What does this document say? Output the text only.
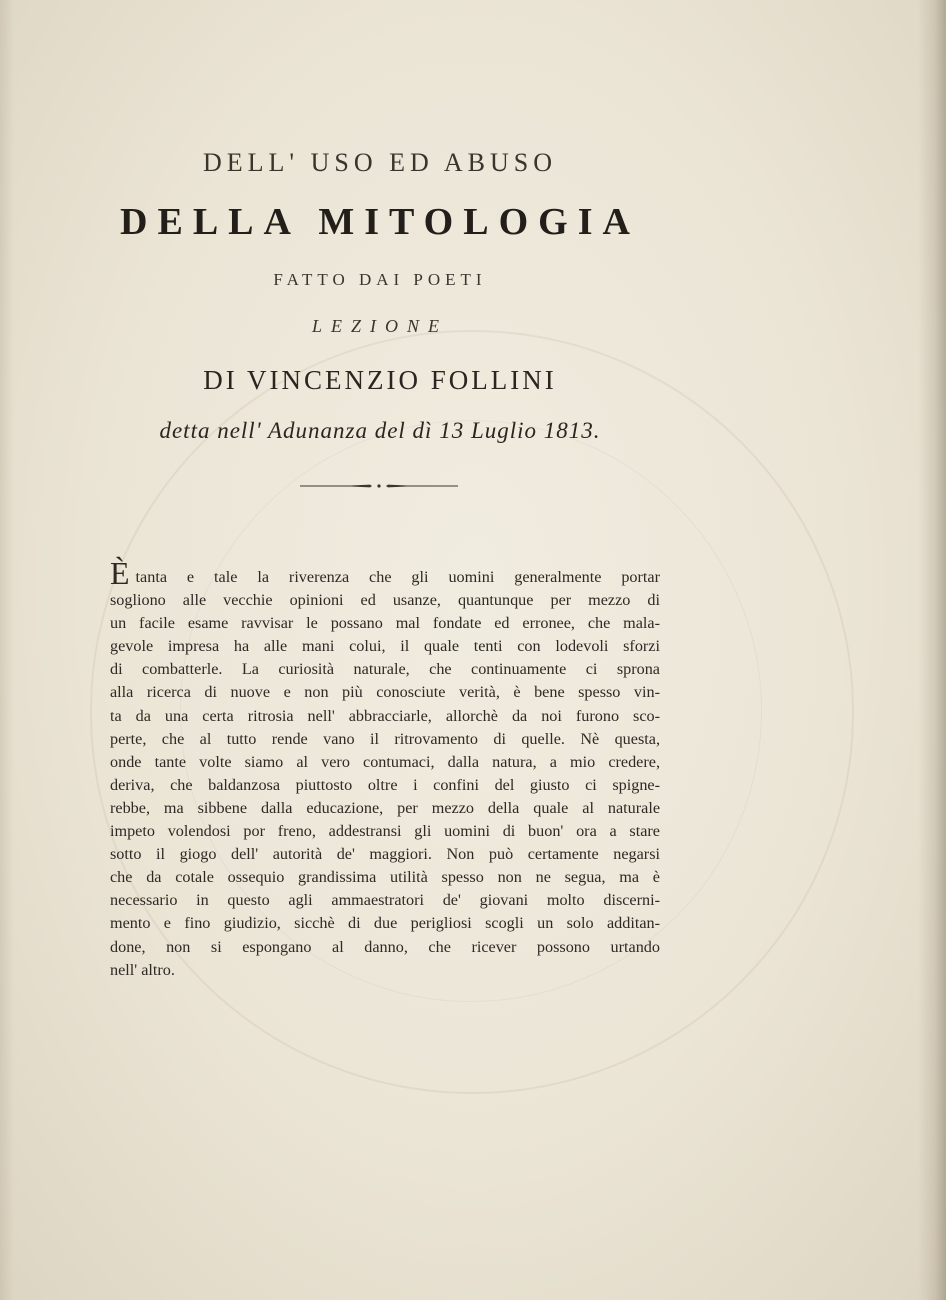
DELL' USO ED ABUSO
DELLA MITOLOGIA
FATTO DAI POETI
LEZIONE
DI VINCENZIO FOLLINI
detta nell' Adunanza del dì 13 Luglio 1813.
Ètanta e tale la riverenza che gli uomini generalmente portar
sogliono alle vecchie opinioni ed usanze, quantunque per mezzo di
un facile esame ravvisar le possano mal fondate ed erronee, che mala-
gevole impresa ha alle mani colui, il quale tenti con lodevoli sforzi
di combatterle. La curiosità naturale, che continuamente ci sprona
alla ricerca di nuove e non più conosciute verità, è bene spesso vin-
ta da una certa ritrosia nell' abbracciarle, allorchè da noi furono sco-
perte, che al tutto rende vano il ritrovamento di quelle. Nè questa,
onde tante volte siamo al vero contumaci, dalla natura, a mio credere,
deriva, che baldanzosa piuttosto oltre i confini del giusto ci spigne-
rebbe, ma sibbene dalla educazione, per mezzo della quale al naturale
impeto volendosi por freno, addestransi gli uomini di buon' ora a stare
sotto il giogo dell' autorità de' maggiori. Non può certamente negarsi
che da cotale ossequio grandissima utilità spesso non ne segua, ma è
necessario in questo agli ammaestratori de' giovani molto discerni-
mento e fino giudizio, sicchè di due perigliosi scogli un solo additan-
done, non si espongano al danno, che ricever possono urtando
nell' altro.
